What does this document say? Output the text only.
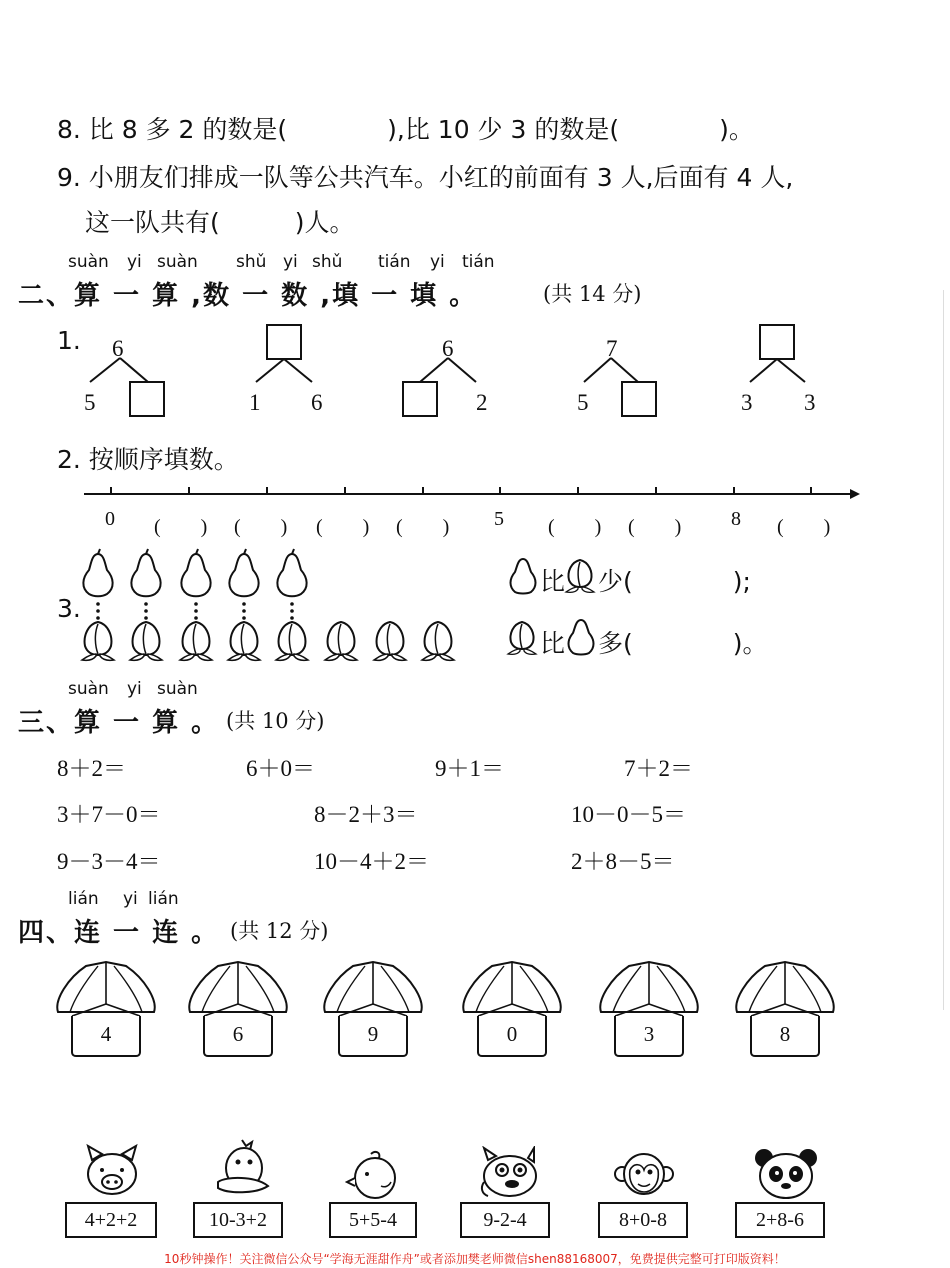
8. 比 8 多 2 的数是(　　　　),比 10 少 3 的数是(　　　　)。
9. 小朋友们排成一队等公共汽车。小红的前面有 3 人,后面有 4 人,
这一队共有(　　　)人。
suàn yi suàn shǔ yi shǔ tián yi tián
二、算 一 算 ,数 一 数 ,填 一 填 。	(共 14 分)
1. 6
5	1 6
6
2
7
5	3 3
2. 按顺序填数。
0 (　　) (　　) (　　) (　　) 5 (　　) (　　) 8 (　　)
3.
比 少(　　　　);
比 多(　　　　)。
suàn yi suàn
三、算 一 算 。 (共 10 分)
8＋2＝	6＋0＝	9＋1＝	7＋2＝
3＋7－0＝	8－2＋3＝	10－0－5＝
9－3－4＝	10－4＋2＝	2＋8－5＝
lián yi lián
四、连 一 连 。 (共 12 分)
4	6	9	0	3	8
4+2+2	10-3+2	5+5-4	9-2-4	8+0-8	2+8-6
10秒钟操作！关注微信公众号“学海无涯甜作舟”或者添加樊老师微信shen88168007，免费提供完整可打印版资料！
